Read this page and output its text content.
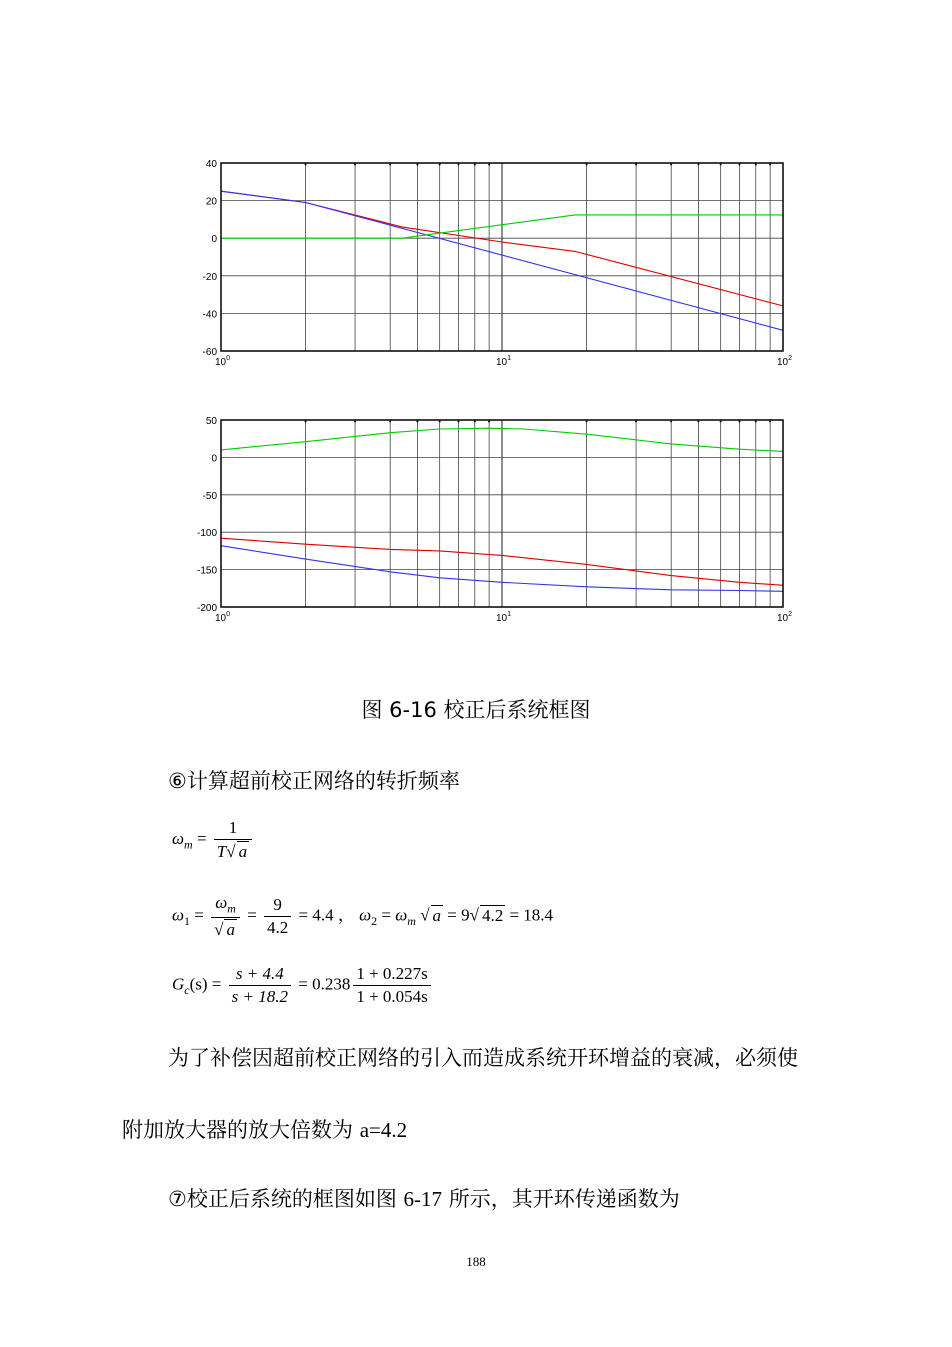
-60
-40
-20
0
20
40
$10^0$	$10^1$	$10^2$
-200
-150
-100
-50
0
50
$10^0$	$10^1$	$10^2$
图 6-16 校正后系统框图
⑥计算超前校正网络的转折频率
$\omega_m = \frac{1}{T√ a}$
$\omega_1 = \frac{\omega_m}{√ a} = \frac{9}{4.2} = 4.4$ ， $\omega_2 = \omega_m$ √ a = 9√ 4.2 = 18.4
$G_c(s) = \frac{s + 4.4}{s + 18.2} = 0.238 \frac{1 + 0.227s}{1 + 0.054s}$
为了补偿因超前校正网络的引入而造成系统开环增益的衰减，必须使
附加放大器的放大倍数为 a=4.2
⑦校正后系统的框图如图 6-17 所示，其开环传递函数为
188
